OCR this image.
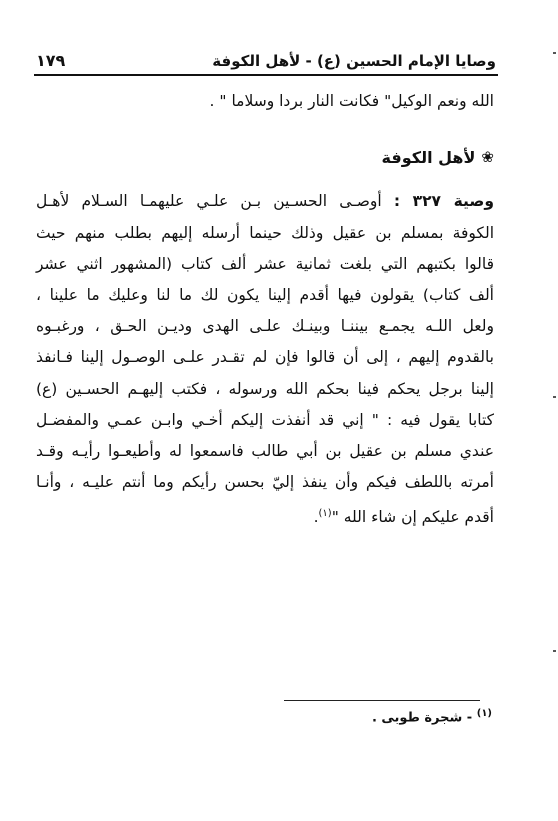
١٧٩	وصايا الإمام الحسين (ع) - لأهل الكوفة
الله ونعم الوكيل" فكانت النار بردا وسلاما " .
❀
لأهل الكوفة
وصية ٣٢٧ : أوصـى الحسـين بـن علـي عليهمـا السـلام لأهـل
الكوفة بمسلم بن عقيل وذلك حينما أرسله إليهم بطلب منهم حيث
قالوا بكتبهم التي بلغت ثمانية عشر ألف كتاب (المشهور اثني عشر
ألف كتاب) يقولون فيها أقدم إلينا يكون لك ما لنا وعليك ما علينا ،
ولعل اللـه يجمـع بيننـا وبينـك علـى الهدى وديـن الحـق ، ورغبـوه
بالقدوم إليهم ، إلى أن قالوا فإن لم تقـدر علـى الوصـول إلينا فـانفذ
إلينا برجل يحكم فينا بحكم الله ورسوله ، فكتب إليهـم الحسـين (ع)
كتابا يقول فيه : " إني قد أنفذت إليكم أخـي وابـن عمـي والمفضـل
عندي مسلم بن عقيل بن أبي طالب فاسمعوا له وأطيعـوا رأيـه وقـد
أمرته باللطف فيكم وأن ينفذ إليّ بحسن رأيكم وما أنتم عليـه ، وأنـا
أقدم عليكم إن شاء الله "$^{(١)}$.
$^{(١)}$ - شجرة طوبى .
